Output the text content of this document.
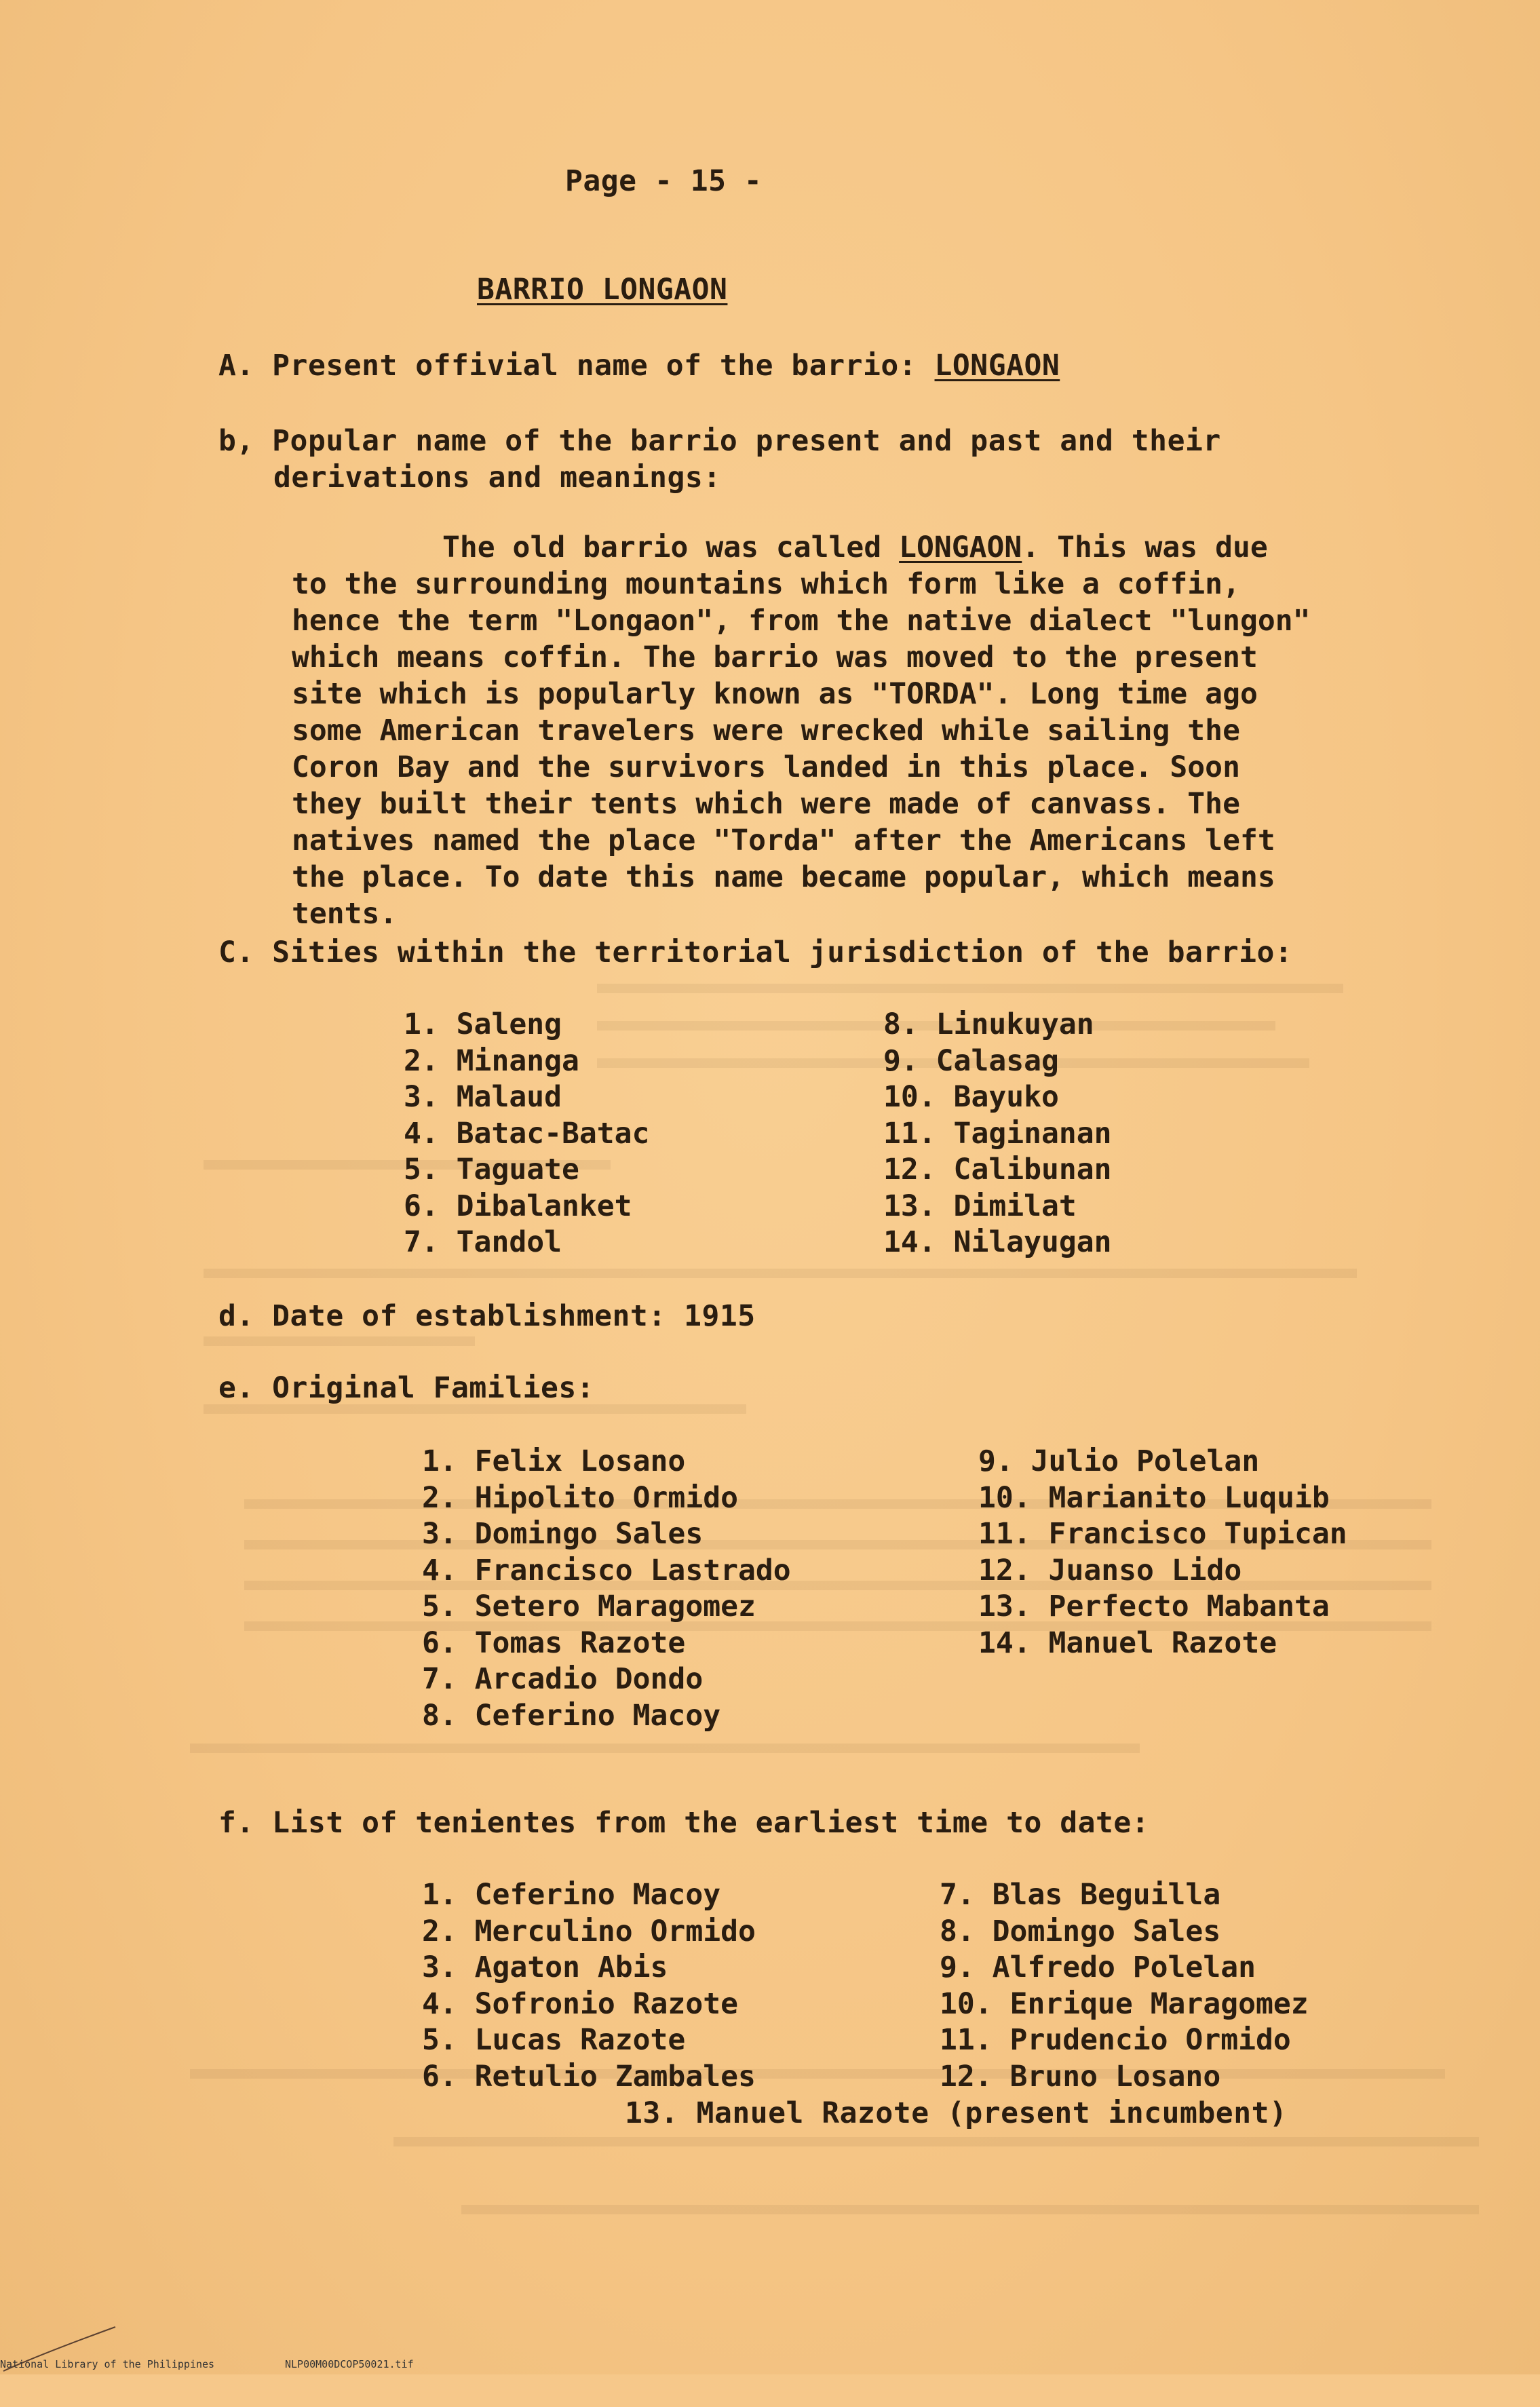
Page - 15 -
BARRIO LONGAON
A. Present offivial name of the barrio: LONGAON
b, Popular name of the barrio present and past and their
derivations and meanings:
The old barrio was called LONGAON. This was due
to the surrounding mountains which form like a coffin,
hence the term "Longaon", from the native dialect "lungon"
which means coffin. The barrio was moved to the present
site which is popularly known as "TORDA". Long time ago
some American travelers were wrecked while sailing the
Coron Bay and the survivors landed in this place. Soon
they built their tents which were made of canvass. The
natives named the place "Torda" after the Americans left
the place. To date this name became popular, which means
tents.
C. Sities within the territorial jurisdiction of the barrio:
1. Saleng
2. Minanga
3. Malaud
4. Batac-Batac
5. Taguate
6. Dibalanket
7. Tandol
8. Linukuyan
9. Calasag
10. Bayuko
11. Taginanan
12. Calibunan
13. Dimilat
14. Nilayugan
d. Date of establishment: 1915
e. Original Families:
1. Felix Losano
2. Hipolito Ormido
3. Domingo Sales
4. Francisco Lastrado
5. Setero Maragomez
6. Tomas Razote
7. Arcadio Dondo
8. Ceferino Macoy
9. Julio Polelan
10. Marianito Luquib
11. Francisco Tupican
12. Juanso Lido
13. Perfecto Mabanta
14. Manuel Razote
f. List of tenientes from the earliest time to date:
1. Ceferino Macoy
2. Merculino Ormido
3. Agaton Abis
4. Sofronio Razote
5. Lucas Razote
6. Retulio Zambales
7. Blas Beguilla
8. Domingo Sales
9. Alfredo Polelan
10. Enrique Maragomez
11. Prudencio Ormido
12. Bruno Losano
13. Manuel Razote (present incumbent)

National Library of the Philippines

	NLP00M00DCOP50021.tif
